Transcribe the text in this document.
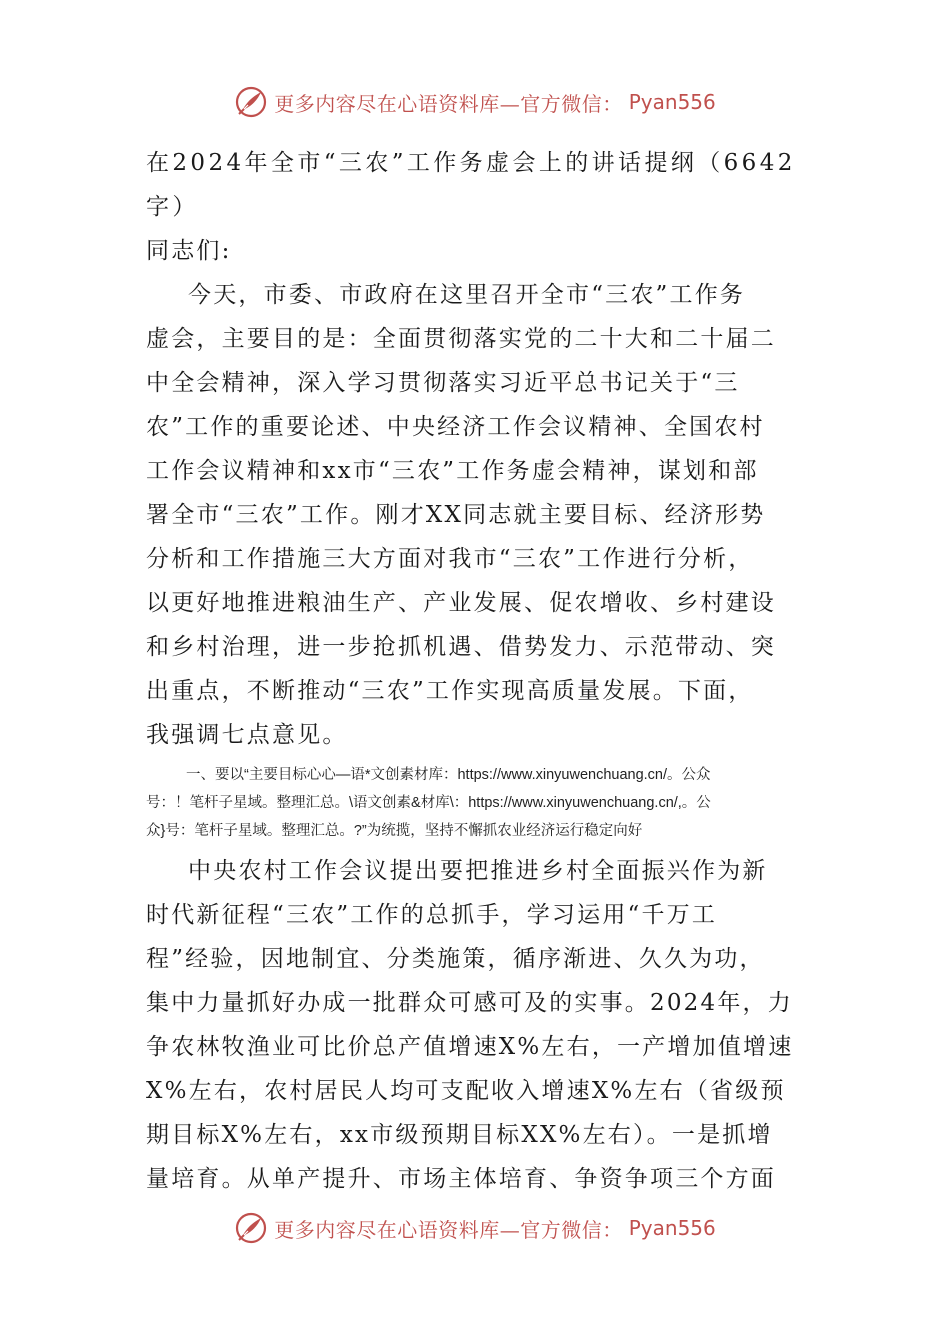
更多内容尽在心语资料库—官方微信： Pyan556
在2024年全市“三农”工作务虚会上的讲话提纲（6642
字）
同志们:
今天，市委、市政府在这里召开全市“三农”工作务
虚会，主要目的是：全面贯彻落实党的二十大和二十届二
中全会精神，深入学习贯彻落实习近平总书记关于“三
农”工作的重要论述、中央经济工作会议精神、全国农村
工作会议精神和xx市“三农”工作务虚会精神，谋划和部
署全市“三农”工作。刚才XX同志就主要目标、经济形势
分析和工作措施三大方面对我市“三农”工作进行分析，
以更好地推进粮油生产、产业发展、促农增收、乡村建设
和乡村治理，进一步抢抓机遇、借势发力、示范带动、突
出重点，不断推动“三农”工作实现高质量发展。下面，
我强调七点意见。
一、要以“主要目标心心—语*文创素材库：https://www.xinyuwenchuang.cn/。公众
号：！笔杆子星域。整理汇总。\语文创素&材库\：https://www.xinyuwenchuang.cn/,。公
众}号：笔杆子星域。整理汇总。?”为统揽，坚持不懈抓农业经济运行稳定向好
中央农村工作会议提出要把推进乡村全面振兴作为新
时代新征程“三农”工作的总抓手，学习运用“千万工
程”经验，因地制宜、分类施策，循序渐进、久久为功，
集中力量抓好办成一批群众可感可及的实事。2024年，力
争农林牧渔业可比价总产值增速X%左右，一产增加值增速
X%左右，农村居民人均可支配收入增速X%左右（省级预
期目标X%左右，xx市级预期目标XX%左右）。一是抓增
量培育。从单产提升、市场主体培育、争资争项三个方面
更多内容尽在心语资料库—官方微信： Pyan556
